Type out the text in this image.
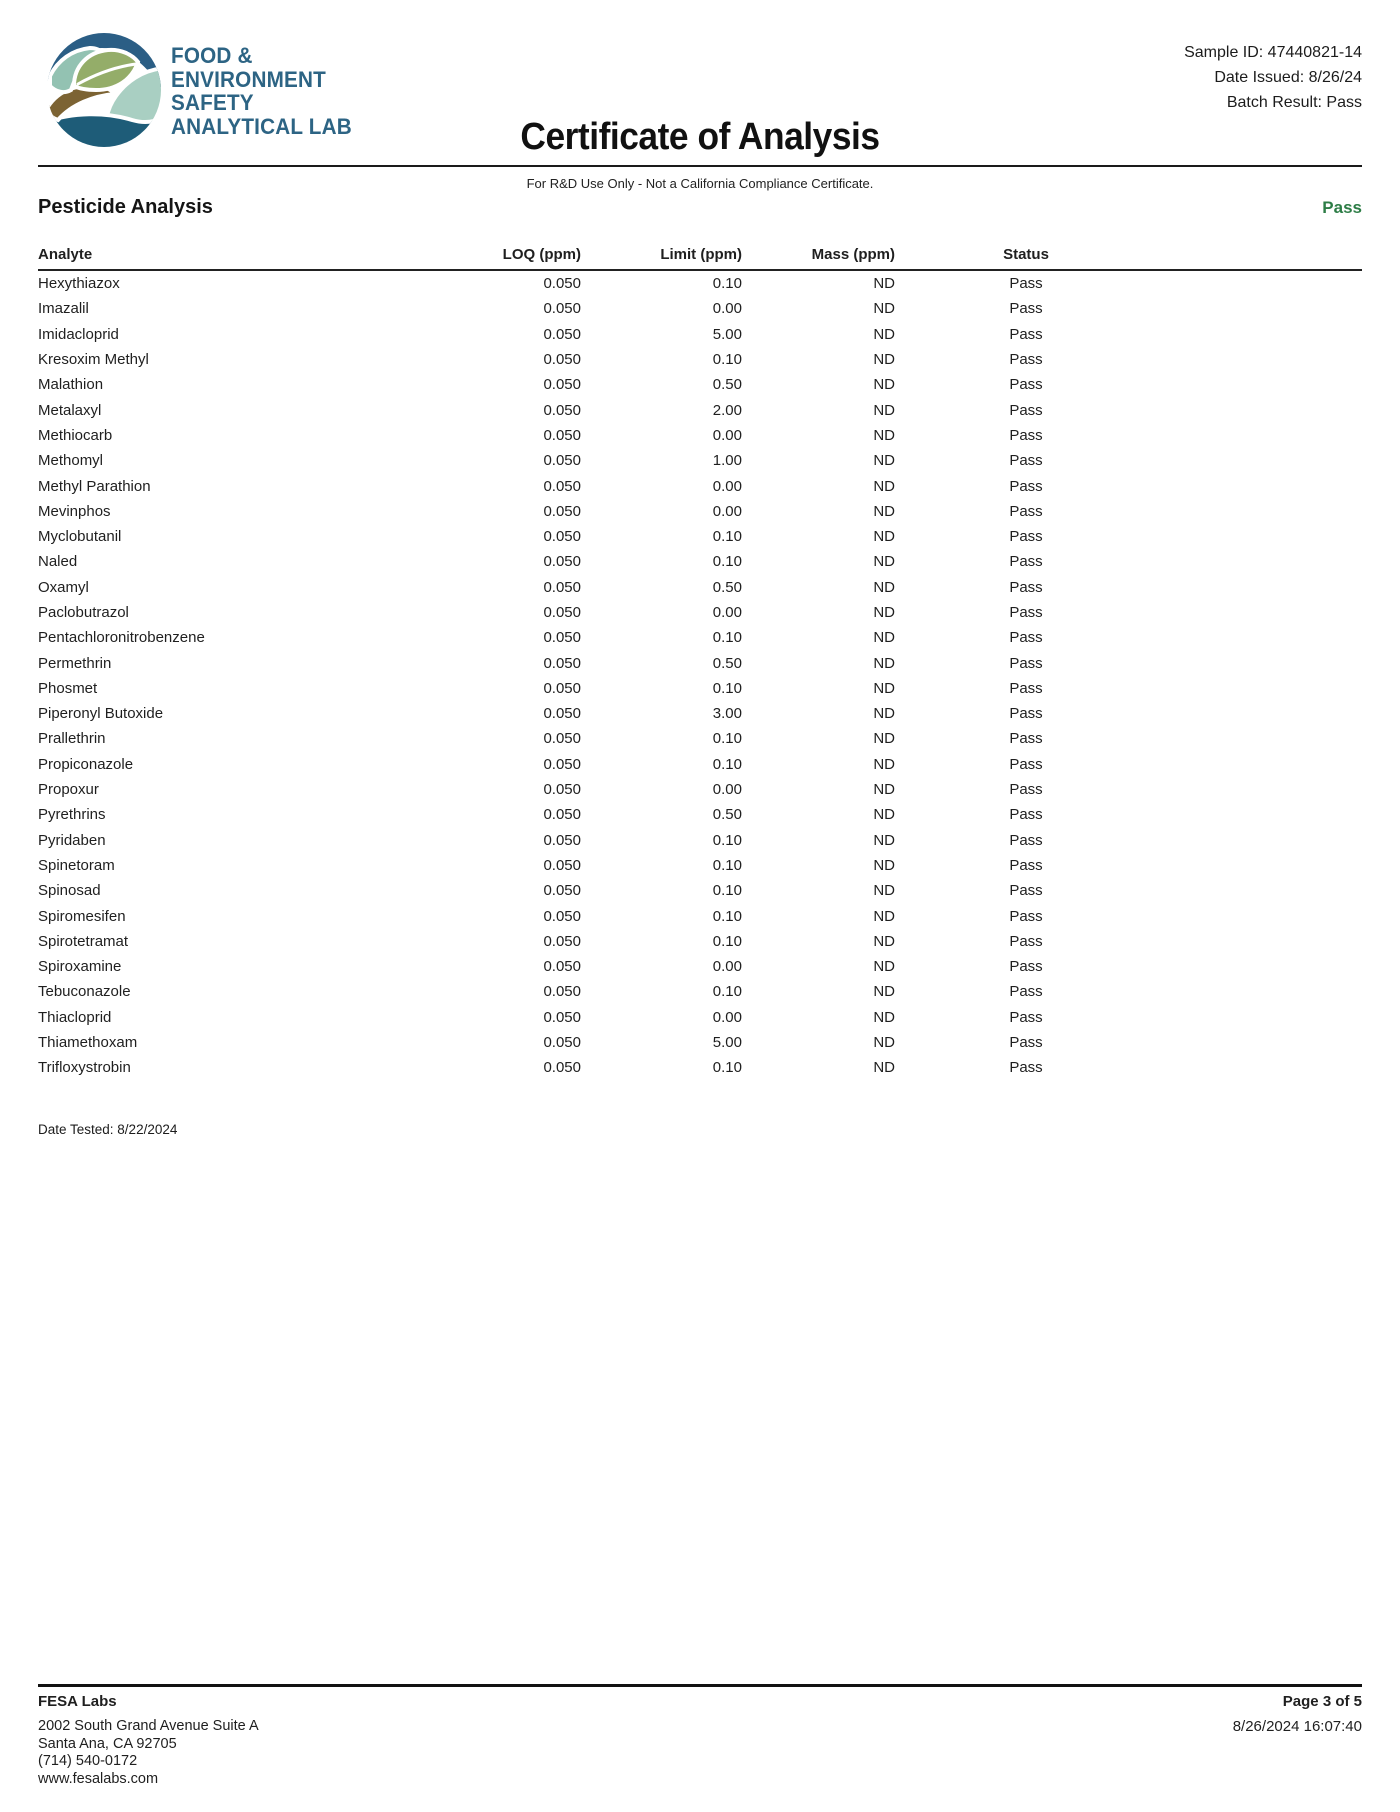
FOOD &
ENVIRONMENT
SAFETY
ANALYTICAL LAB
Sample ID: 47440821-14
Date Issued: 8/26/24
Batch Result: Pass
Certificate of Analysis
For R&D Use Only - Not a California Compliance Certificate.
Pesticide Analysis	Pass
Analyte	LOQ (ppm)	Limit (ppm)	Mass (ppm)	Status
Hexythiazox	0.050	0.10	ND	Pass
Imazalil	0.050	0.00	ND	Pass
Imidacloprid	0.050	5.00	ND	Pass
Kresoxim Methyl	0.050	0.10	ND	Pass
Malathion	0.050	0.50	ND	Pass
Metalaxyl	0.050	2.00	ND	Pass
Methiocarb	0.050	0.00	ND	Pass
Methomyl	0.050	1.00	ND	Pass
Methyl Parathion	0.050	0.00	ND	Pass
Mevinphos	0.050	0.00	ND	Pass
Myclobutanil	0.050	0.10	ND	Pass
Naled	0.050	0.10	ND	Pass
Oxamyl	0.050	0.50	ND	Pass
Paclobutrazol	0.050	0.00	ND	Pass
Pentachloronitrobenzene	0.050	0.10	ND	Pass
Permethrin	0.050	0.50	ND	Pass
Phosmet	0.050	0.10	ND	Pass
Piperonyl Butoxide	0.050	3.00	ND	Pass
Prallethrin	0.050	0.10	ND	Pass
Propiconazole	0.050	0.10	ND	Pass
Propoxur	0.050	0.00	ND	Pass
Pyrethrins	0.050	0.50	ND	Pass
Pyridaben	0.050	0.10	ND	Pass
Spinetoram	0.050	0.10	ND	Pass
Spinosad	0.050	0.10	ND	Pass
Spiromesifen	0.050	0.10	ND	Pass
Spirotetramat	0.050	0.10	ND	Pass
Spiroxamine	0.050	0.00	ND	Pass
Tebuconazole	0.050	0.10	ND	Pass
Thiacloprid	0.050	0.00	ND	Pass
Thiamethoxam	0.050	5.00	ND	Pass
Trifloxystrobin	0.050	0.10	ND	Pass
Date Tested: 8/22/2024
FESA Labs
2002 South Grand Avenue Suite A
Santa Ana, CA 92705
(714) 540-0172
www.fesalabs.com
Page 3 of 5
8/26/2024 16:07:40
